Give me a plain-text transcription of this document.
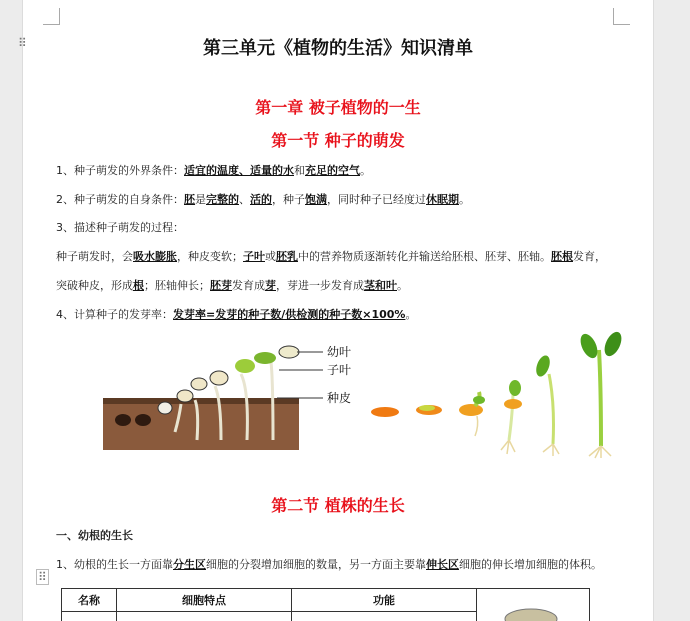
第三单元《植物的生活》知识清单
第一章 被子植物的一生
第一节 种子的萌发
1、种子萌发的外界条件：适宜的温度、适量的水和充足的空气。
2、种子萌发的自身条件：胚是完整的、活的，种子饱满，同时种子已经度过休眠期。
3、描述种子萌发的过程：
种子萌发时，会吸水膨胀，种皮变软；子叶或胚乳中的营养物质逐渐转化并输送给胚根、胚芽、胚轴。胚根发育，
突破种皮，形成根；胚轴伸长；胚芽发育成芽，芽进一步发育成茎和叶。
4、计算种子的发芽率：发芽率=发芽的种子数/供检测的种子数×100%。
幼叶
子叶
种皮
第二节 植株的生长
一、幼根的生长
1、幼根的生长一方面靠分生区细胞的分裂增加细胞的数量，另一方面主要靠伸长区细胞的伸长增加细胞的体积。
名称	细胞特点	功能	

⠿
⠿
